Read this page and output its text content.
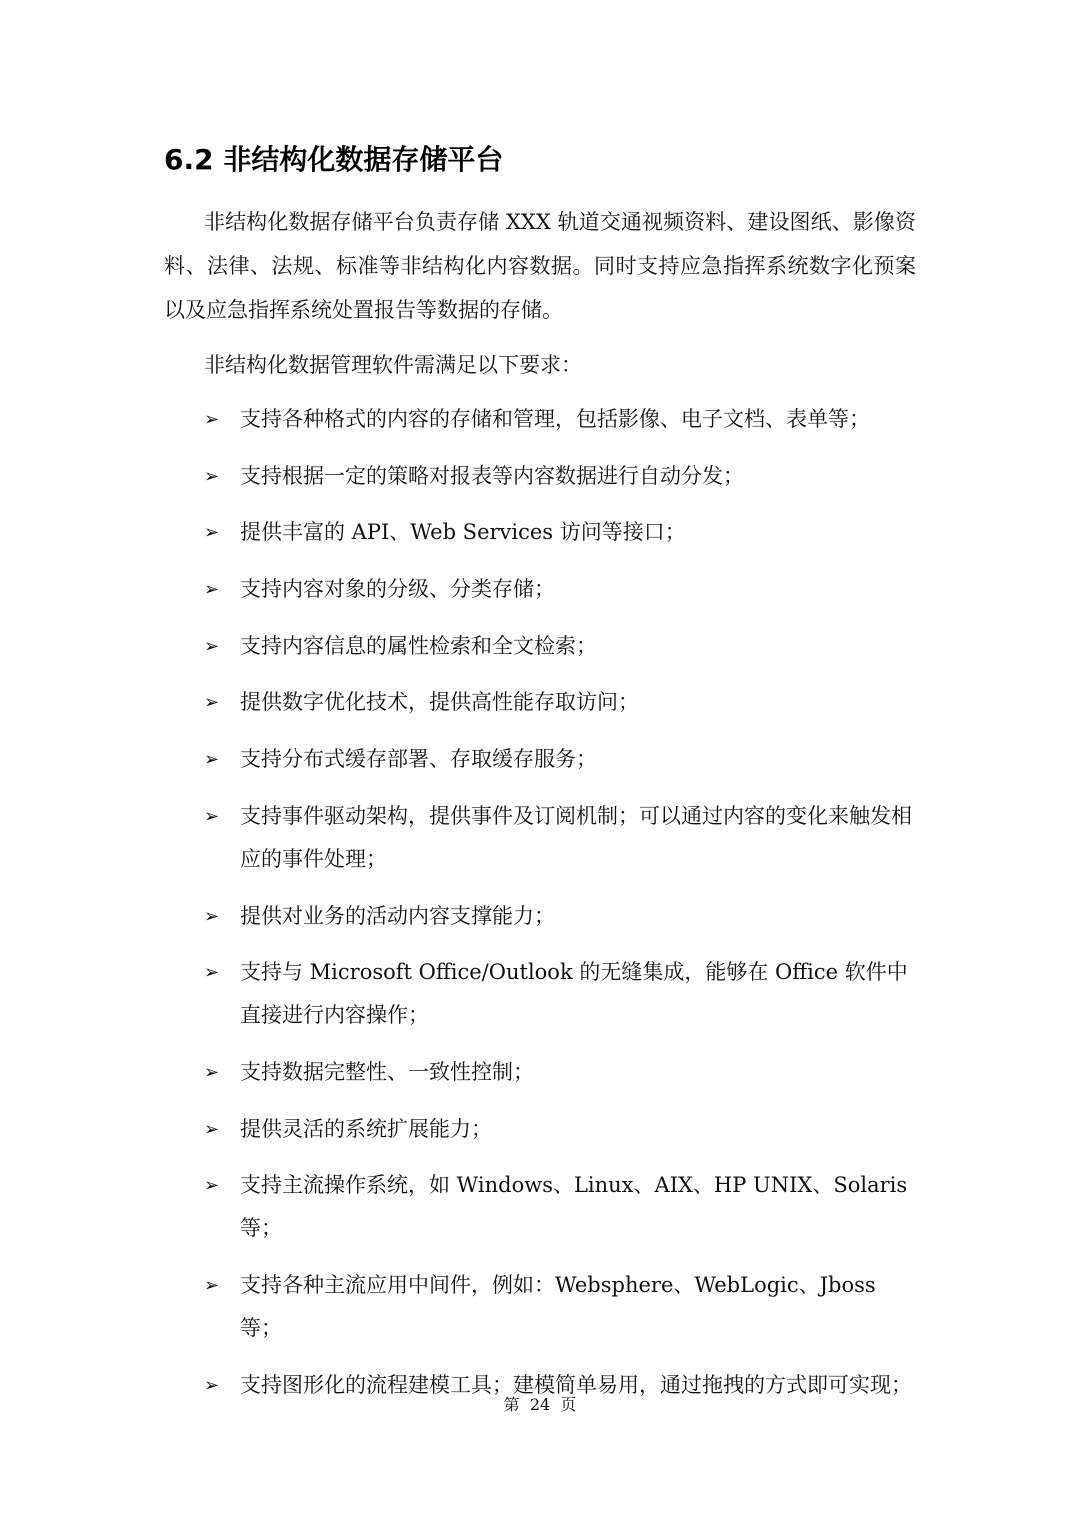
6.2 非结构化数据存储平台

非结构化数据存储平台负责存储 XXX 轨道交通视频资料、建设图纸、影像资料、法律、法规、标准等非结构化内容数据。同时支持应急指挥系统数字化预案以及应急指挥系统处置报告等数据的存储。

非结构化数据管理软件需满足以下要求：

➢ 支持各种格式的内容的存储和管理，包括影像、电子文档、表单等；
➢ 支持根据一定的策略对报表等内容数据进行自动分发；
➢ 提供丰富的 API、Web Services 访问等接口；
➢ 支持内容对象的分级、分类存储；
➢ 支持内容信息的属性检索和全文检索；
➢ 提供数字优化技术，提供高性能存取访问；
➢ 支持分布式缓存部署、存取缓存服务；
➢ 支持事件驱动架构，提供事件及订阅机制；可以通过内容的变化来触发相应的事件处理；
➢ 提供对业务的活动内容支撑能力；
➢ 支持与 Microsoft Office/Outlook 的无缝集成，能够在 Office 软件中直接进行内容操作；
➢ 支持数据完整性、一致性控制；
➢ 提供灵活的系统扩展能力；
➢ 支持主流操作系统，如 Windows、Linux、AIX、HP UNIX、Solaris 等；
➢ 支持各种主流应用中间件，例如：Websphere、WebLogic、Jboss 等；
➢ 支持图形化的流程建模工具；建模简单易用，通过拖拽的方式即可实现；
第  24  页
